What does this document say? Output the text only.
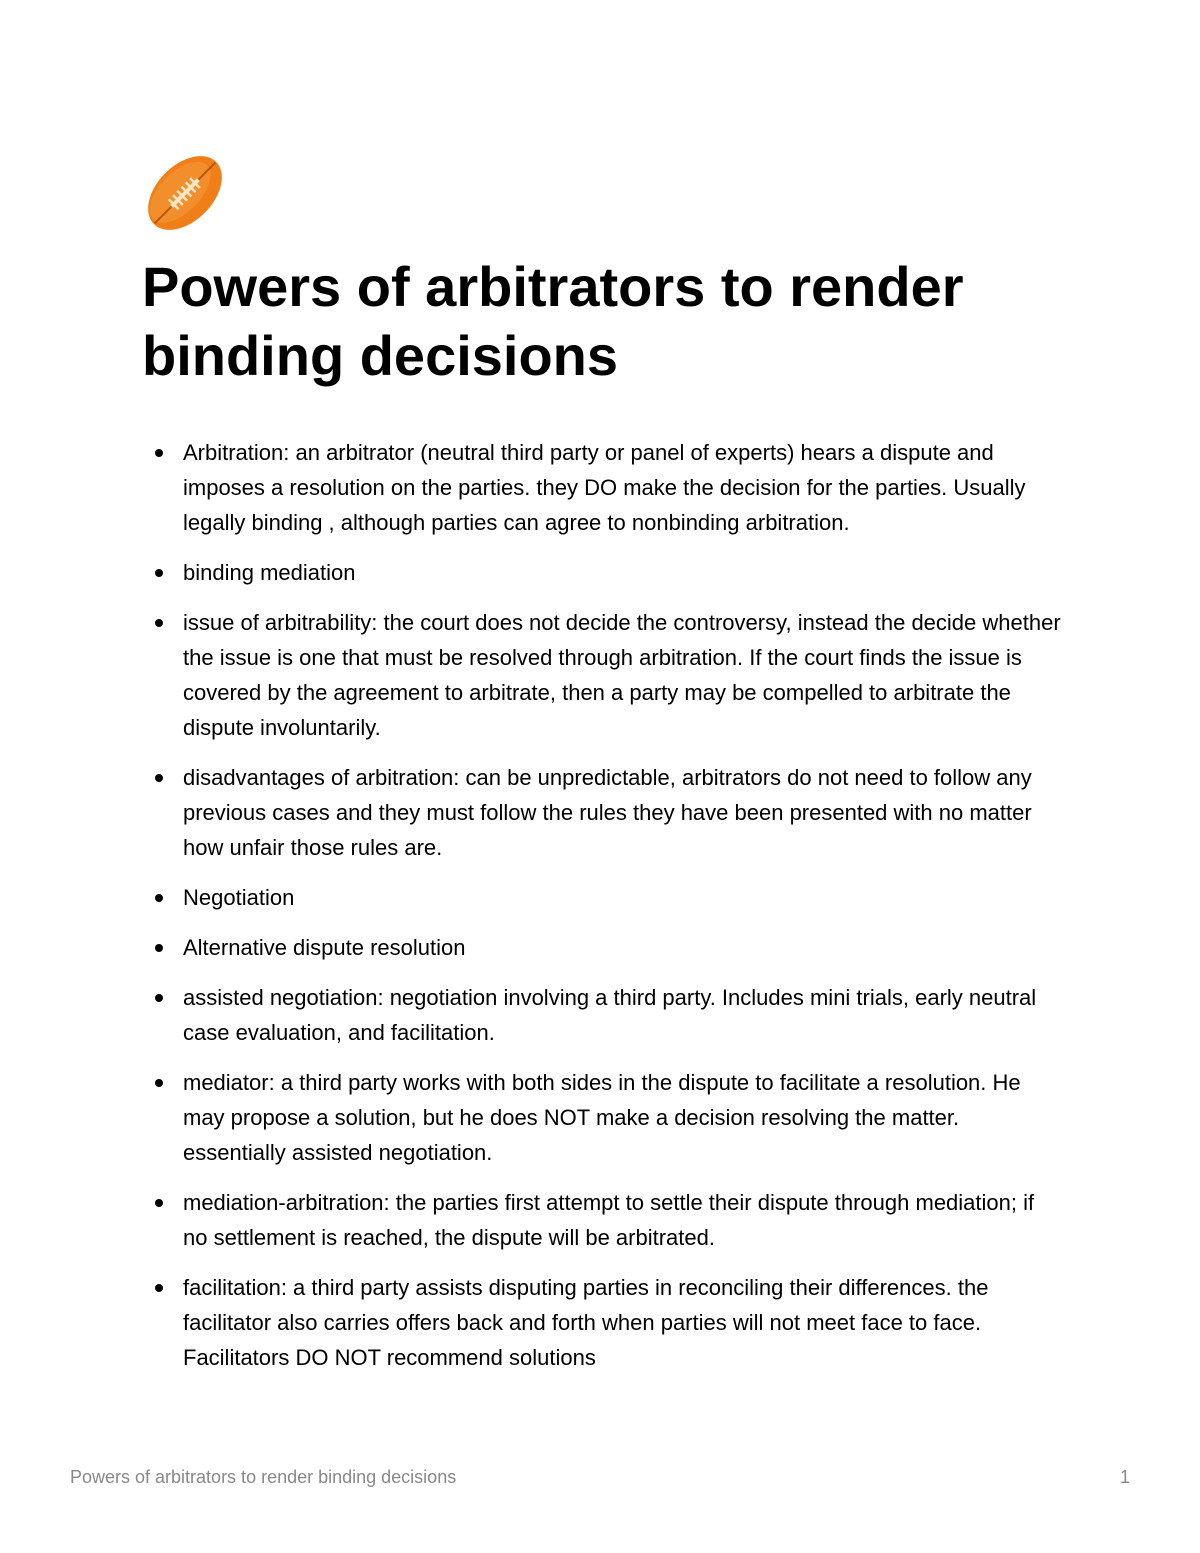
Powers of arbitrators to render binding decisions
Arbitration: an arbitrator (neutral third party or panel of experts) hears a dispute and imposes a resolution on the parties. they DO make the decision for the parties. Usually legally binding , although parties can agree to nonbinding arbitration.
binding mediation
issue of arbitrability: the court does not decide the controversy, instead the decide whether the issue is one that must be resolved through arbitration. If the court finds the issue is covered by the agreement to arbitrate, then a party may be compelled to arbitrate the dispute involuntarily.
disadvantages of arbitration: can be unpredictable, arbitrators do not need to follow any previous cases and they must follow the rules they have been presented with no matter how unfair those rules are.
Negotiation
Alternative dispute resolution
assisted negotiation: negotiation involving a third party. Includes mini trials, early neutral case evaluation, and facilitation.
mediator: a third party works with both sides in the dispute to facilitate a resolution. He may propose a solution, but he does NOT make a decision resolving the matter. essentially assisted negotiation.
mediation-arbitration: the parties first attempt to settle their dispute through mediation; if no settlement is reached, the dispute will be arbitrated.
facilitation: a third party assists disputing parties in reconciling their differences. the facilitator also carries offers back and forth when parties will not meet face to face. Facilitators DO NOT recommend solutions
Powers of arbitrators to render binding decisions	1
